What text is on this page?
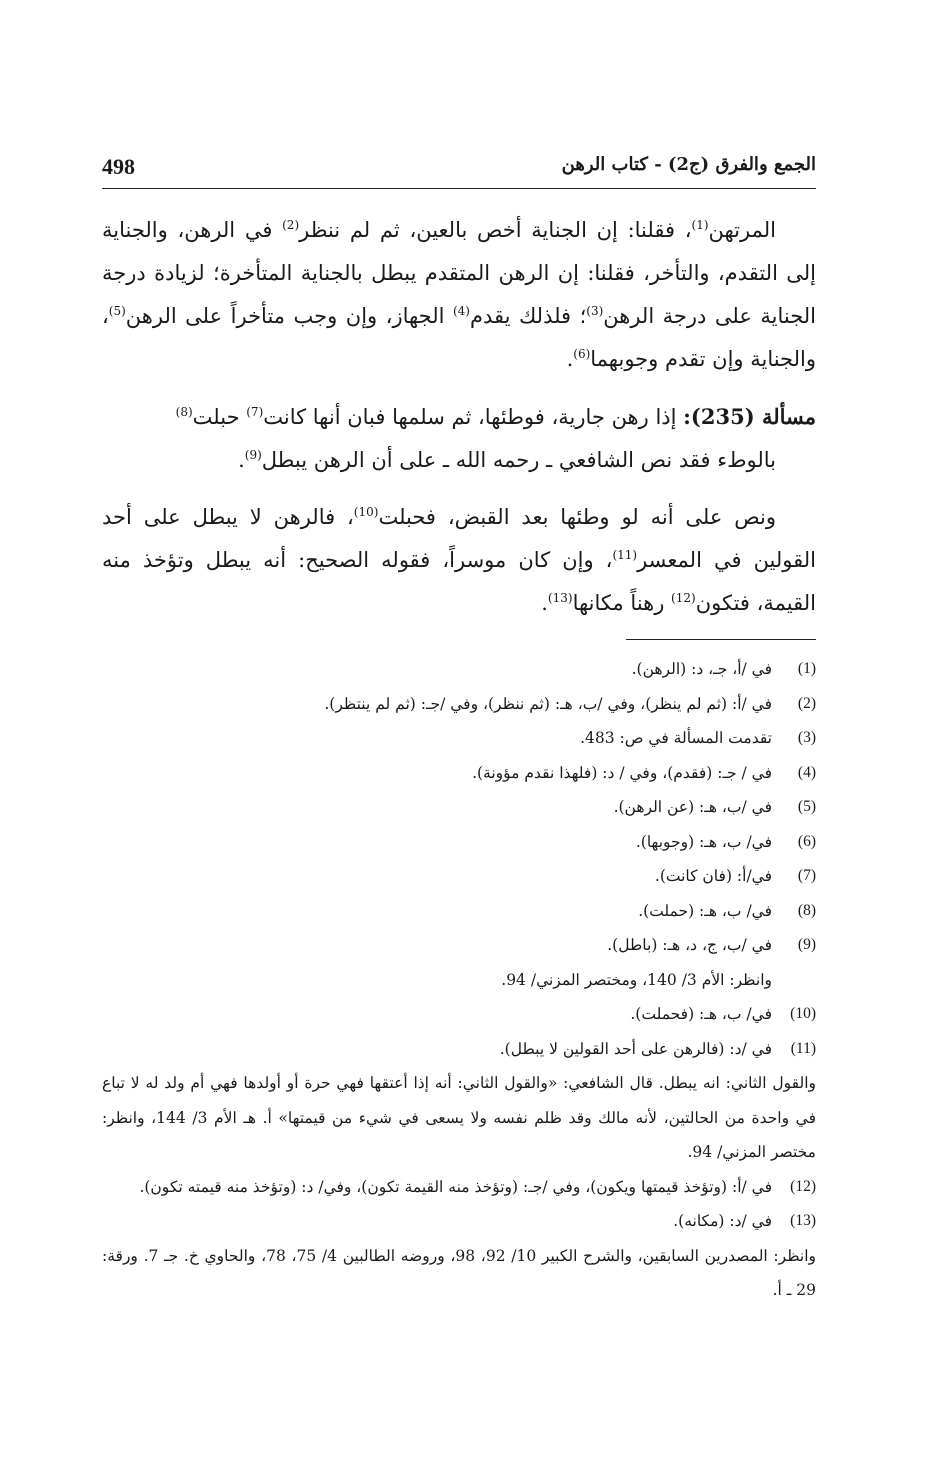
498	الجمع والفرق (ج2) - كتاب الرهن

المرتهن$^{(1)}$، فقلنا: إن الجناية أخص بالعين، ثم لم ننظر$^{(2)}$ في الرهن، والجناية إلى التقدم، والتأخر، فقلنا: إن الرهن المتقدم يبطل بالجناية المتأخرة؛ لزيادة درجة الجناية على درجة الرهن$^{(3)}$؛ فلذلك يقدم$^{(4)}$ الجهاز، وإن وجب متأخراً على الرهن$^{(5)}$، والجناية وإن تقدم وجوبهما$^{(6)}$.

مسألة (235): إذا رهن جارية، فوطئها، ثم سلمها فبان أنها كانت$^{(7)}$ حبلت$^{(8)}$
بالوطء فقد نص الشافعي ـ رحمه الله ـ على أن الرهن يبطل$^{(9)}$.

ونص على أنه لو وطئها بعد القبض، فحبلت$^{(10)}$، فالرهن لا يبطل على أحد القولين في المعسر$^{(11)}$، وإن كان موسراً، فقوله الصحيح: أنه يبطل وتؤخذ منه القيمة، فتكون$^{(12)}$ رهناً مكانها$^{(13)}$.

(1)
في /أ، جـ، د: (الرهن).
(2)
في /أ: (ثم لم ينظر)، وفي /ب، هـ: (ثم ننظر)، وفي /جـ: (ثم لم ينتظر).
(3)
تقدمت المسألة في ص: 483.
(4)
في / جـ: (فقدم)، وفي / د: (فلهذا نقدم مؤونة).
(5)
في /ب، هـ: (عن الرهن).
(6)
في/ ب، هـ: (وجوبها).
(7)
في/أ: (فان كانت).
(8)
في/ ب، هـ: (حملت).
(9)
في /ب، ج، د، هـ: (باطل).
وانظر: الأم 3/ 140، ومختصر المزني/ 94.
(10)
في/ ب، هـ: (فحملت).
(11)
في /د: (فالرهن على أحد القولين لا يبطل).
والقول الثاني: انه يبطل. قال الشافعي: «والقول الثاني: أنه إذا أعتقها فهي حرة أو أولدها فهي أم ولد له لا تباع في واحدة من الحالتين، لأنه مالك وقد ظلم نفسه ولا يسعى في شيء من قيمتها» أ. هـ الأم 3/ 144، وانظر: مختصر المزني/ 94.
(12)
في /أ: (وتؤخذ قيمتها ويكون)، وفي /جـ: (وتؤخذ منه القيمة تكون)، وفي/ د: (وتؤخذ منه قيمته تكون).
(13)
في /د: (مكانه).
وانظر: المصدرين السابقين، والشرح الكبير 10/ 92، 98، وروضه الطالبين 4/ 75، 78، والحاوي خ. جـ 7. ورقة: 29 ـ أ.
